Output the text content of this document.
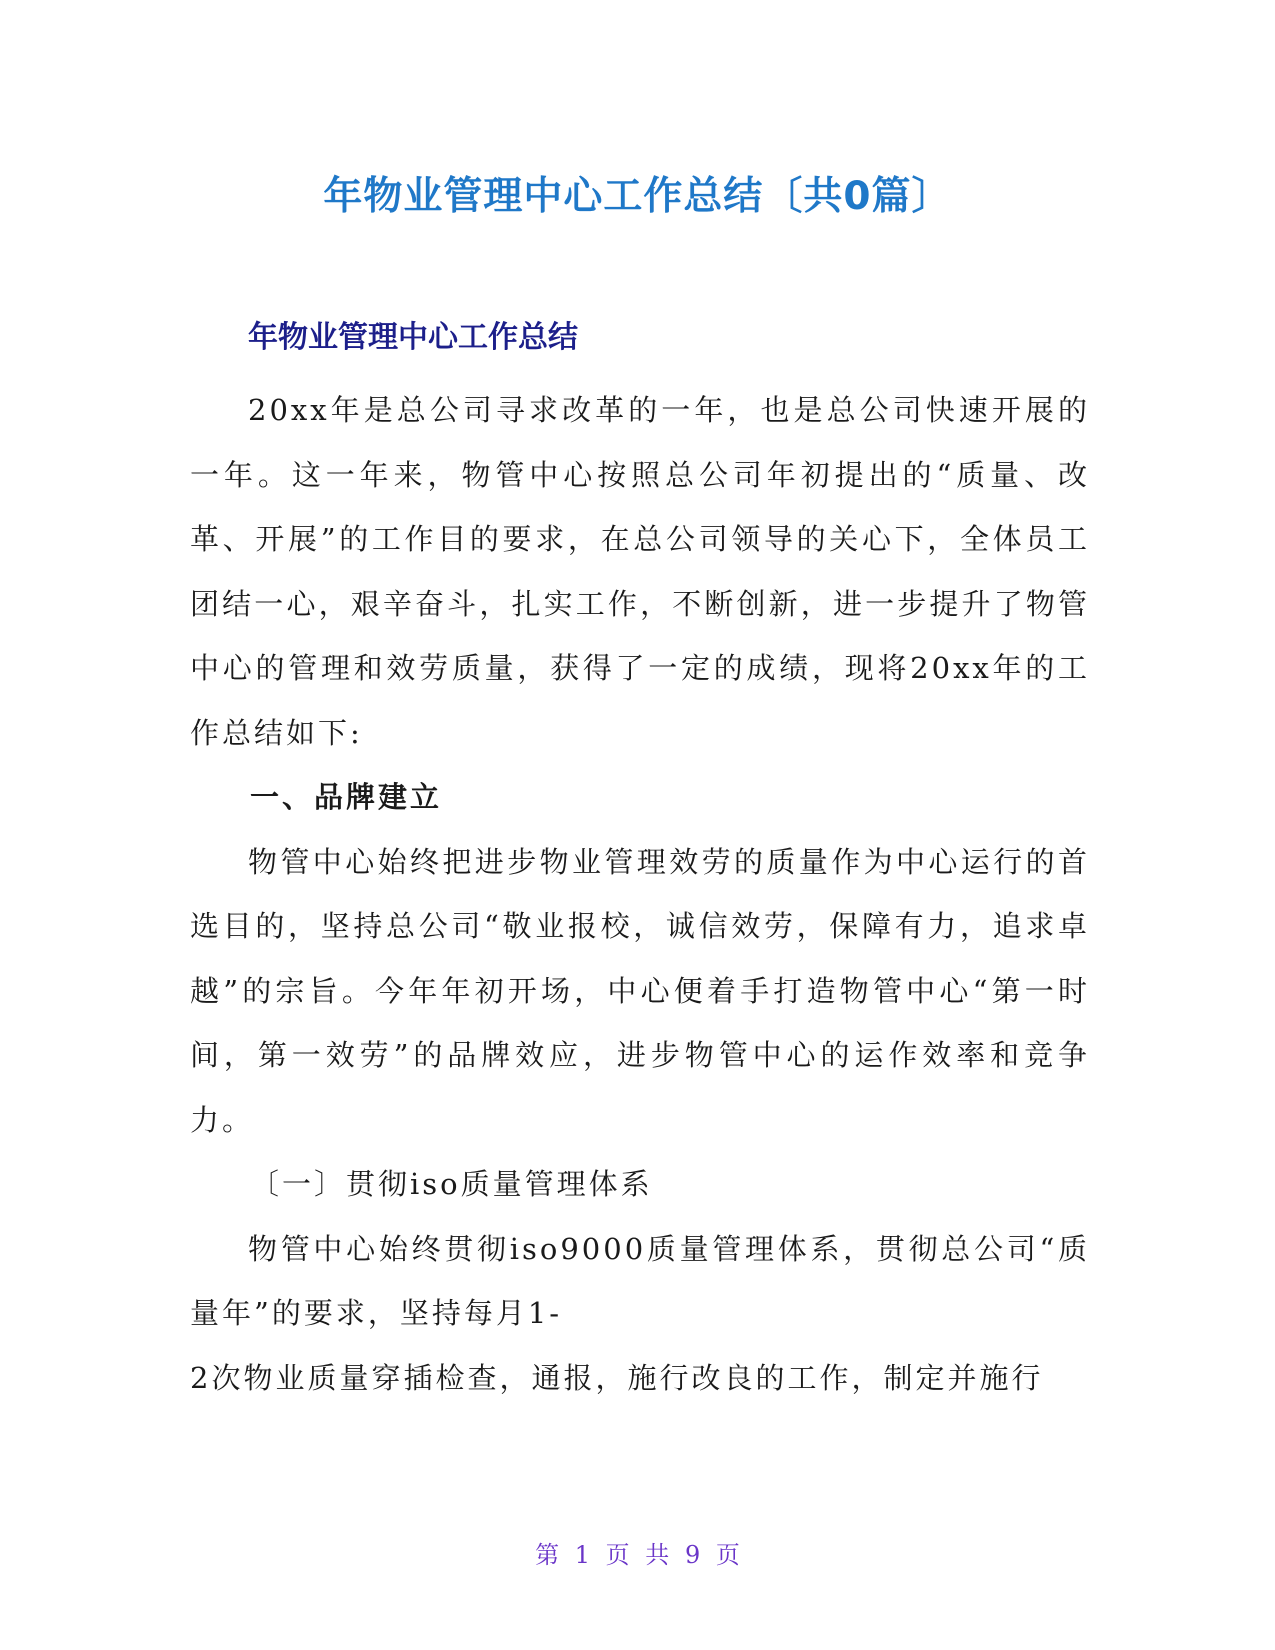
年物业管理中心工作总结〔共0篇〕
年物业管理中心工作总结

20xx年是总公司寻求改革的一年，也是总公司快速开展的一年。这一年来，物管中心按照总公司年初提出的“质量、改革、开展”的工作目的要求，在总公司领导的关心下，全体员工团结一心，艰辛奋斗，扎实工作，不断创新，进一步提升了物管中心的管理和效劳质量，获得了一定的成绩，现将20xx年的工作总结如下:

一、品牌建立

物管中心始终把进步物业管理效劳的质量作为中心运行的首选目的，坚持总公司“敬业报校，诚信效劳，保障有力，追求卓越”的宗旨。今年年初开场，中心便着手打造物管中心“第一时间，第一效劳”的品牌效应，进步物管中心的运作效率和竞争力。

〔一〕贯彻iso质量管理体系

物管中心始终贯彻iso9000质量管理体系，贯彻总公司“质量年”的要求，坚持每月1-

2次物业质量穿插检查，通报，施行改良的工作，制定并施行

第 1 页 共 9 页
